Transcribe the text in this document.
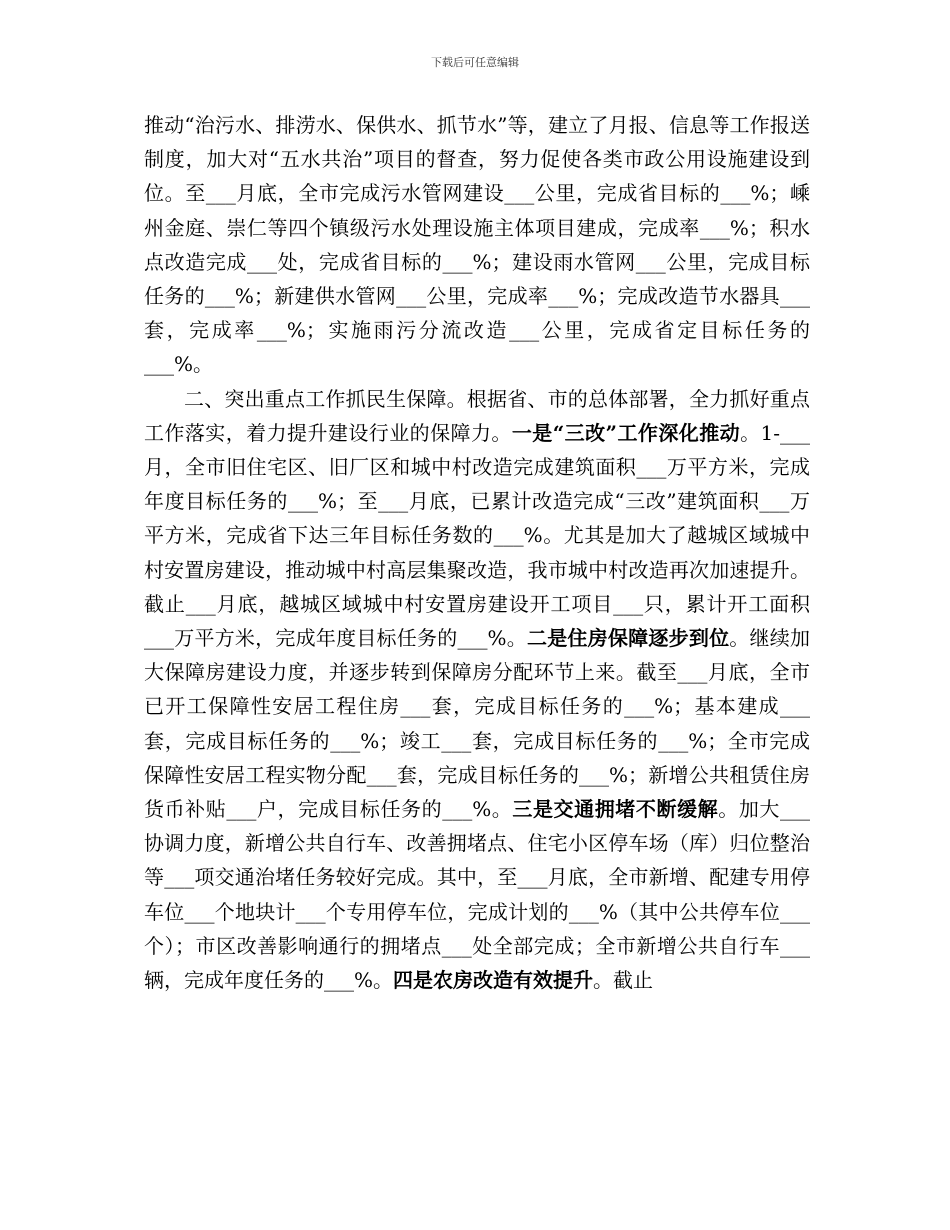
下载后可任意编辑

推动“治污水、排涝水、保供水、抓节水”等，建立了月报、信息等工作报送制度，加大对“五水共治”项目的督查，努力促使各类市政公用设施建设到位。至___月底，全市完成污水管网建设___公里，完成省目标的___%；嵊州金庭、崇仁等四个镇级污水处理设施主体项目建成，完成率___%；积水点改造完成___处，完成省目标的___%；建设雨水管网___公里，完成目标任务的___%；新建供水管网___公里，完成率___%；完成改造节水器具___套，完成率___%；实施雨污分流改造___公里，完成省定目标任务的___%。

二、突出重点工作抓民生保障。根据省、市的总体部署，全力抓好重点工作落实，着力提升建设行业的保障力。一是“三改”工作深化推动。1-___月，全市旧住宅区、旧厂区和城中村改造完成建筑面积___万平方米，完成年度目标任务的___%；至___月底，已累计改造完成“三改”建筑面积___万平方米，完成省下达三年目标任务数的___%。尤其是加大了越城区域城中村安置房建设，推动城中村高层集聚改造，我市城中村改造再次加速提升。截止___月底，越城区域城中村安置房建设开工项目___只，累计开工面积___万平方米，完成年度目标任务的___%。二是住房保障逐步到位。继续加大保障房建设力度，并逐步转到保障房分配环节上来。截至___月底，全市已开工保障性安居工程住房___套，完成目标任务的___%；基本建成___套，完成目标任务的___%；竣工___套，完成目标任务的___%；全市完成保障性安居工程实物分配___套，完成目标任务的___%；新增公共租赁住房货币补贴___户，完成目标任务的___%。三是交通拥堵不断缓解。加大___协调力度，新增公共自行车、改善拥堵点、住宅小区停车场（库）归位整治等___项交通治堵任务较好完成。其中，至___月底，全市新增、配建专用停车位___个地块计___个专用停车位，完成计划的___%（其中公共停车位___个）；市区改善影响通行的拥堵点___处全部完成；全市新增公共自行车___辆，完成年度任务的___%。四是农房改造有效提升。截止
